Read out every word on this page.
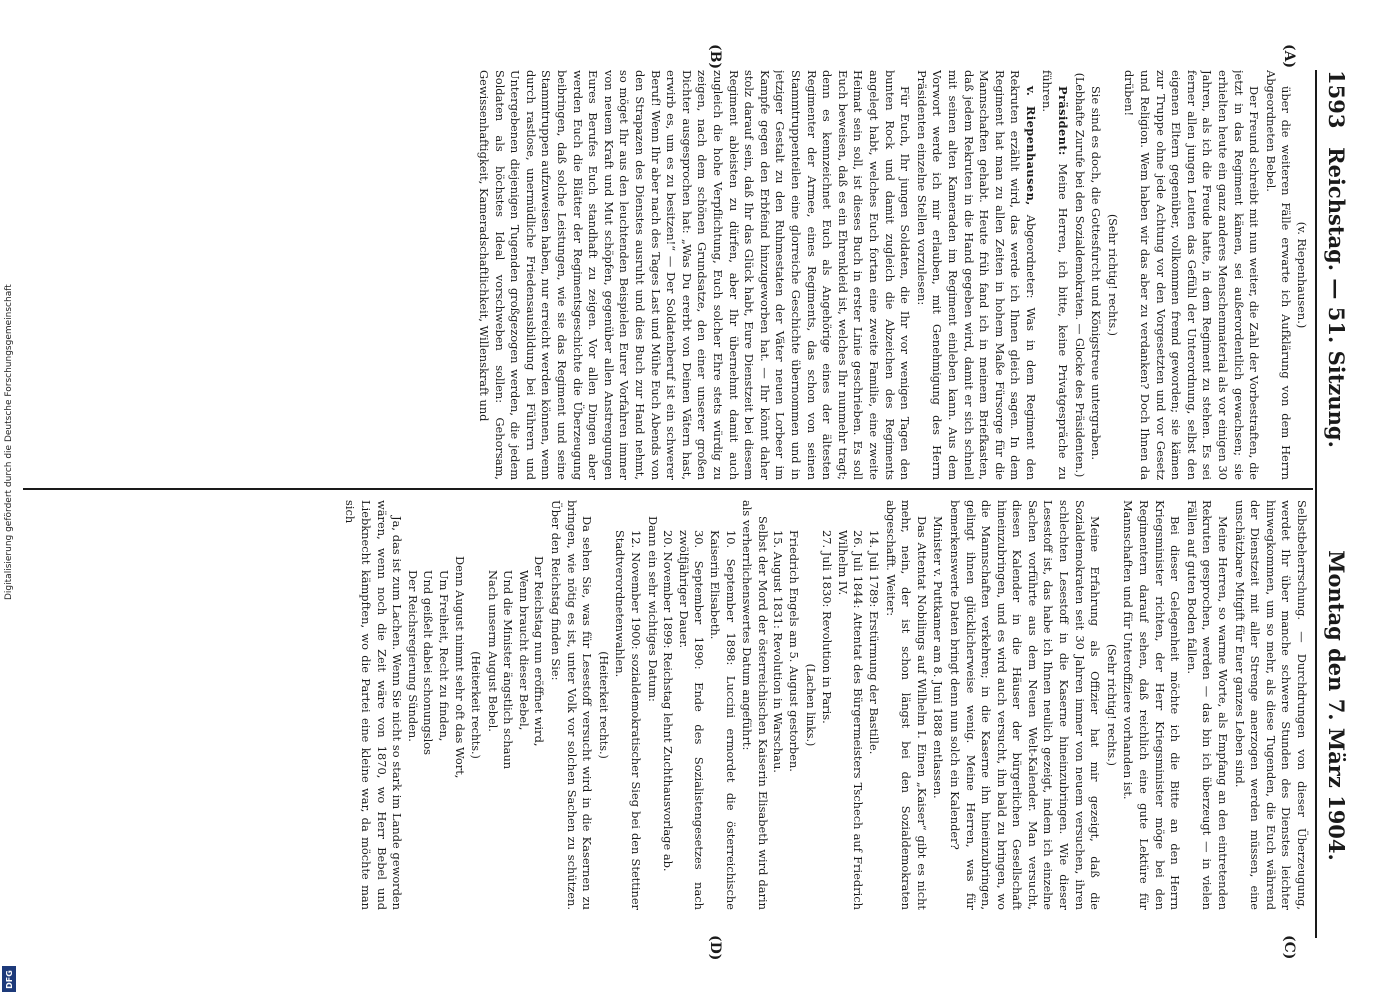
1593
Reichstag. — 51. Sitzung.              Montag den 7. März 1904.
(A)
(B)
(C)
(D)

(v. Riepenhausen.)

über die weiteren Fälle erwarte ich Aufklärung von dem Herrn Abgeordneten Bebel.

Der Freund schreibt mit nun weiter, die Zahl der Vorbestraften, die jetzt in das Regiment kämen, sei außerordentlich gewachsen; sie erhielten heute ein ganz anderes Menschenmaterial als vor einigen 30 Jahren, als ich die Freude hatte, in dem Regiment zu stehen. Es sei ferner allen jungen Leuten das Gefühl der Unterordnung, selbst den eigenen Eltern gegenüber, vollkommen fremd geworden; sie kämen zur Truppe ohne jede Achtung vor den Vorgesetzten und vor Gesetz und Religion. Wem haben wir das aber zu verdanken? Doch Ihnen da drüben!

(Sehr richtig! rechts.)

Sie sind es doch, die Gottesfurcht und Königstreue untergraben.

(Lebhafte Zurufe bei den Sozialdemokraten. — Glocke des Präsidenten.)

Präsident: Meine Herren, ich bitte, keine Privatgespräche zu führen.

v. Riepenhausen, Abgeordneter: Was in dem Regiment den Rekruten erzählt wird, das werde ich Ihnen gleich sagen. In dem Regiment hat man zu allen Zeiten in hohem Maße Fürsorge für die Mannschaften gehabt. Heute früh fand ich in meinem Briefkasten, daß jedem Rekruten in die Hand gegeben wird, damit er sich schnell mit seinen alten Kameraden im Regiment einleben kann. Aus dem Vorwort werde ich mir erlauben, mit Genehmigung des Herrn Präsidenten einzelne Stellen vorzulesen:

Für Euch, Ihr jungen Soldaten, die Ihr vor wenigen Tagen den bunten Rock und damit zugleich die Abzeichen des Regiments angelegt habt, welches Euch fortan eine zweite Familie, eine zweite Heimat sein soll, ist dieses Buch in erster Linie geschrieben. Es soll Euch beweisen, daß es ein Ehrenkleid ist, welches Ihr nunmehr tragt; denn es kennzeichnet Euch als Angehörige eines der ältesten Regimenter der Armee, eines Regiments, das schon von seinen Stammtruppenteilen eine glorreiche Geschichte übernommen und in jetziger Gestalt zu den Ruhmestaten der Väter neuen Lorbeer im Kampfe gegen den Erbfeind hinzugeworben hat. — Ihr könnt daher stolz darauf sein, daß Ihr das Glück habt, Eure Dienstzeit bei diesem Regiment ableisten zu dürfen, aber Ihr übernehmt damit auch zugleich die hohe Verpflichtung, Euch solcher Ehre stets würdig zu zeigen, nach dem schönen Grundsatze, den einer unserer großen Dichter ausgesprochen hat: „Was Du ererbt von Deinen Vätern hast, erwirb es, um es zu besitzen!“ — Der Soldatenberuf ist ein schwerer Beruf! Wenn Ihr aber nach des Tages Last und Mühe Euch Abends von den Strapazen des Dienstes ausruht und dies Buch zur Hand nehmt, so möget Ihr aus den leuchtenden Beispielen Eurer Vorfahren immer von neuem Kraft und Mut schöpfen, gegenüber allen Anstrengungen Eures Berufes Euch standhaft zu zeigen. Vor allen Dingen aber werden Euch die Blätter der Regimentsgeschichte die Überzeugung beibringen, daß solche Leistungen, wie sie das Regiment und seine Stammtruppen aufzuweisen haben, nur erreicht werden können, wenn durch rastlose, unermüdliche Friedensausbildung bei Führern und Untergebenen diejenigen Tugenden großgezogen werden, die jedem Soldaten als höchstes Ideal vorschweben sollen: Gehorsam, Gewissenhaftigkeit, Kameradschaftlichkeit, Willenskraft und

Selbstbeherrschung. — Durchdrungen von dieser Überzeugung, werdet Ihr über manche schwere Stunden des Dienstes leichter hinwegkommen, um so mehr, als diese Tugenden, die Euch während der Dienstzeit mit aller Strenge anerzogen werden müssen, eine unschätzbare Mitgift für Euer ganzes Leben sind.

Meine Herren, so warme Worte, als Empfang an den eintretenden Rekruten gesprochen, werden — das bin ich überzeugt — in vielen Fällen auf guten Boden fallen.

Bei dieser Gelegenheit möchte ich die Bitte an den Herrn Kriegsminister richten, der Herr Kriegsminister möge bei den Regimentern darauf sehen, daß reichlich eine gute Lektüre für Mannschaften und für Unteroffiziere vorhanden ist.

(Sehr richtig! rechts.)

Meine Erfahrung als Offizier hat mir gezeigt, daß die Sozialdemokraten seit 30 Jahren immer von neuem versuchen, ihren schlechten Lesestoff in die Kaserne hineinzubringen. Wie dieser Lesestoff ist, das habe ich Ihnen neulich gezeigt, indem ich einzelne Sachen vorführte aus dem Neuen Welt-Kalender. Man versucht, diesen Kalender in die Häuser der bürgerlichen Gesellschaft hineinzubringen, und es wird auch versucht, ihn bald zu bringen, wo die Mannschaften verkehren; in die Kaserne ihn hineinzubringen, gelingt ihnen glücklicherweise wenig. Meine Herren, was für bemerkenswerte Daten bringt denn nun solch ein Kalender?

Minister v. Puttkamer am 8. Juni 1888 entlassen.

Das Attentat Nobilings auf Wilhelm I. Einen „Kaiser“ gibt es nicht mehr, nein, der ist schon längst bei den Sozialdemokraten abgeschafft. Weiter:

14. Juli 1789: Erstürmung der Bastille.

26. Juli 1844: Attentat des Bürgermeisters Tschech auf Friedrich Wilhelm IV.

27. Juli 1830: Revolution in Paris.

(Lachen links.)

Friedrich Engels am 5. August gestorben.

15. August 1831: Revolution in Warschau.

Selbst der Mord der österreichischen Kaiserin Elisabeth wird darin als verherrlichenswertes Datum angeführt:

10. September 1898: Luccini ermordet die österreichische Kaiserin Elisabeth.

30. September 1890: Ende des Sozialistengesetzes nach zwölfjähriger Dauer.

20. November 1899: Reichstag lehnt Zuchthausvorlage ab.

Dann ein sehr wichtiges Datum:

12. November 1900: sozialdemokratischer Sieg bei den Stettiner Stadtverordnetenwahlen.

(Heiterkeit rechts.)

Da sehen Sie, was für Lesestoff versucht wird in die Kasernen zu bringen, wie nötig es ist, unter Volk vor solchen Sachen zu schützen. Über den Reichstag finden Sie:

Der Reichstag nun eröffnet wird,

Wenn braucht dieser Bebel,

Und die Minister ängstlich schaun

Nach unserm August Bebel.

(Heiterkeit rechts.)

Denn August nimmt sehr oft das Wort,

Um Freiheit, Recht zu finden,

Und geißelt dabei schonungslos

Der Reichsregierung Sünden.

Ja, das ist zum Lachen. Wenn Sie nicht so stark im Lande geworden wären, wenn noch die Zeit wäre von 1870, wo Herr Bebel und Liebknecht kämpften, wo die Partei eine kleine war, da möchte man sich

Digitalisierung gefördert durch die Deutsche Forschungsgemeinschaft
DFG
